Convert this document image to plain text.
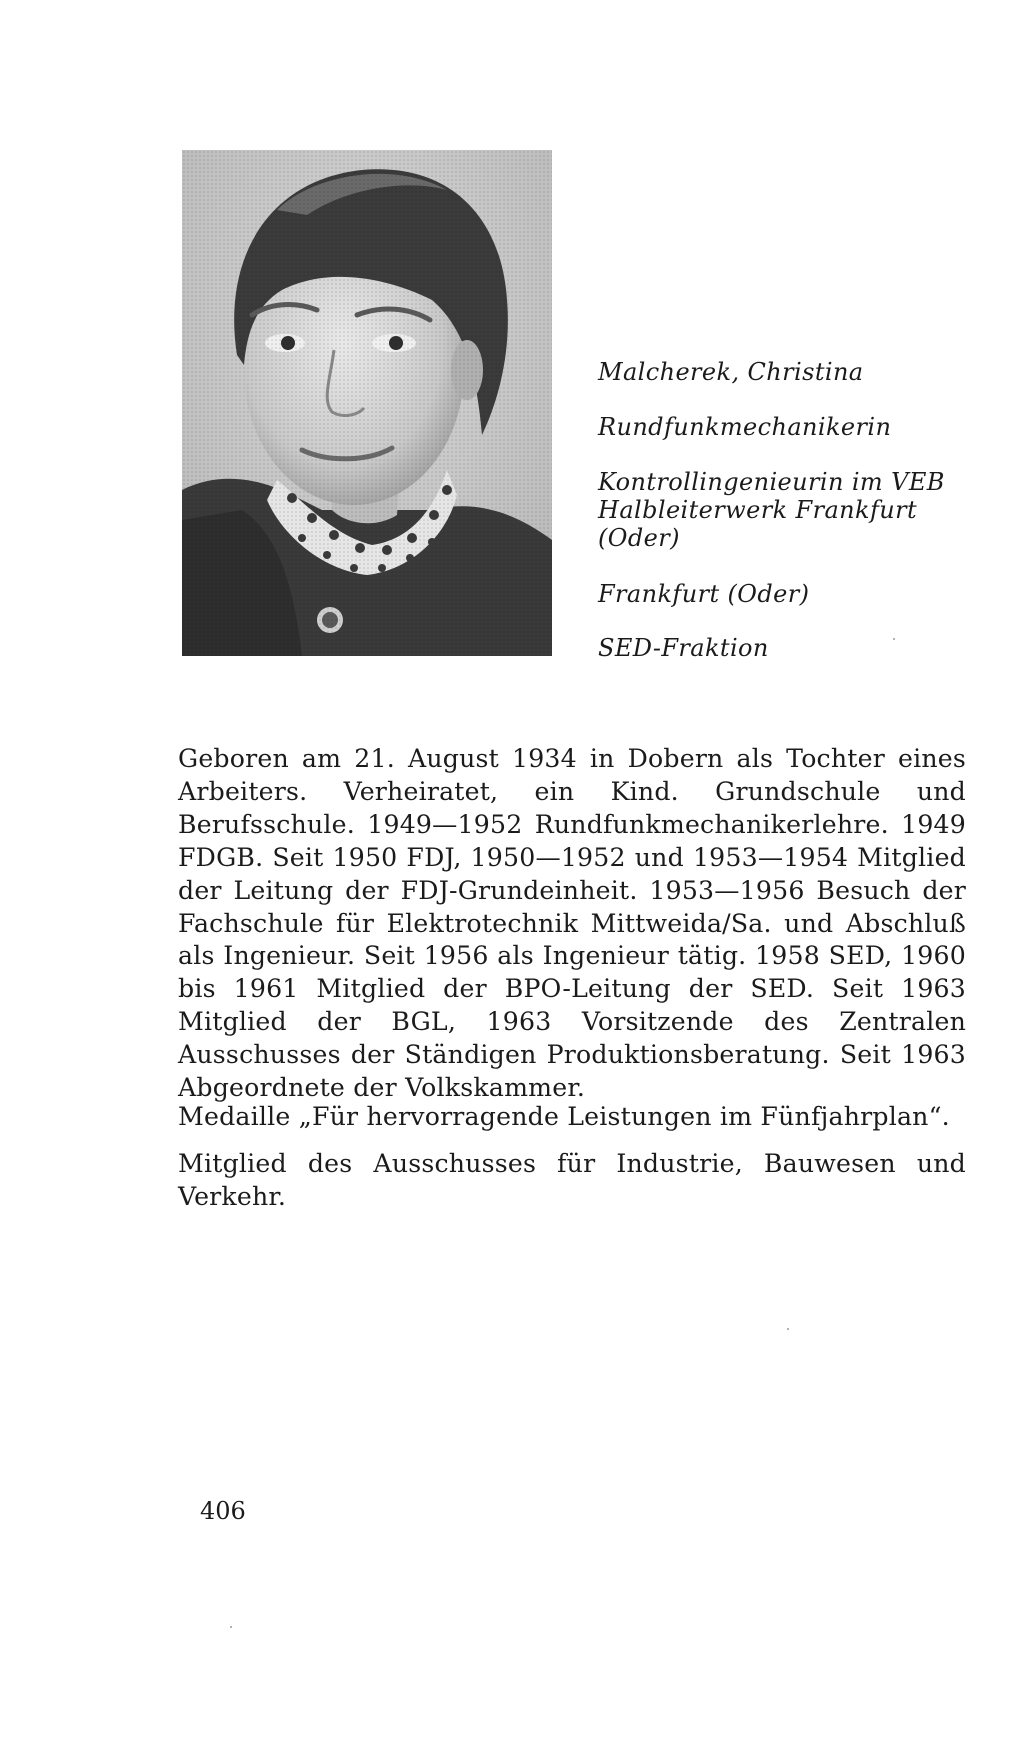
Malcherek, Christina
Rundfunkmechanikerin
Kontrollingenieurin im VEB Halbleiterwerk Frankfurt (Oder)
Frankfurt (Oder)
SED-Fraktion

Geboren am 21. August 1934 in Dobern als Tochter eines Arbeiters. Verheiratet, ein Kind. Grundschule und Berufsschule. 1949—1952 Rundfunkmechanikerlehre. 1949 FDGB. Seit 1950 FDJ, 1950—1952 und 1953—1954 Mitglied der Leitung der FDJ-Grundeinheit. 1953—1956 Besuch der Fachschule für Elektrotechnik Mittweida/Sa. und Abschluß als Ingenieur. Seit 1956 als Ingenieur tätig. 1958 SED, 1960 bis 1961 Mitglied der BPO-Leitung der SED. Seit 1963 Mitglied der BGL, 1963 Vorsitzende des Zentralen Ausschusses der Ständigen Produktionsberatung. Seit 1963 Abgeordnete der Volkskammer.

Medaille „Für hervorragende Leistungen im Fünfjahrplan“.

Mitglied des Ausschusses für Industrie, Bauwesen und Verkehr.

406
